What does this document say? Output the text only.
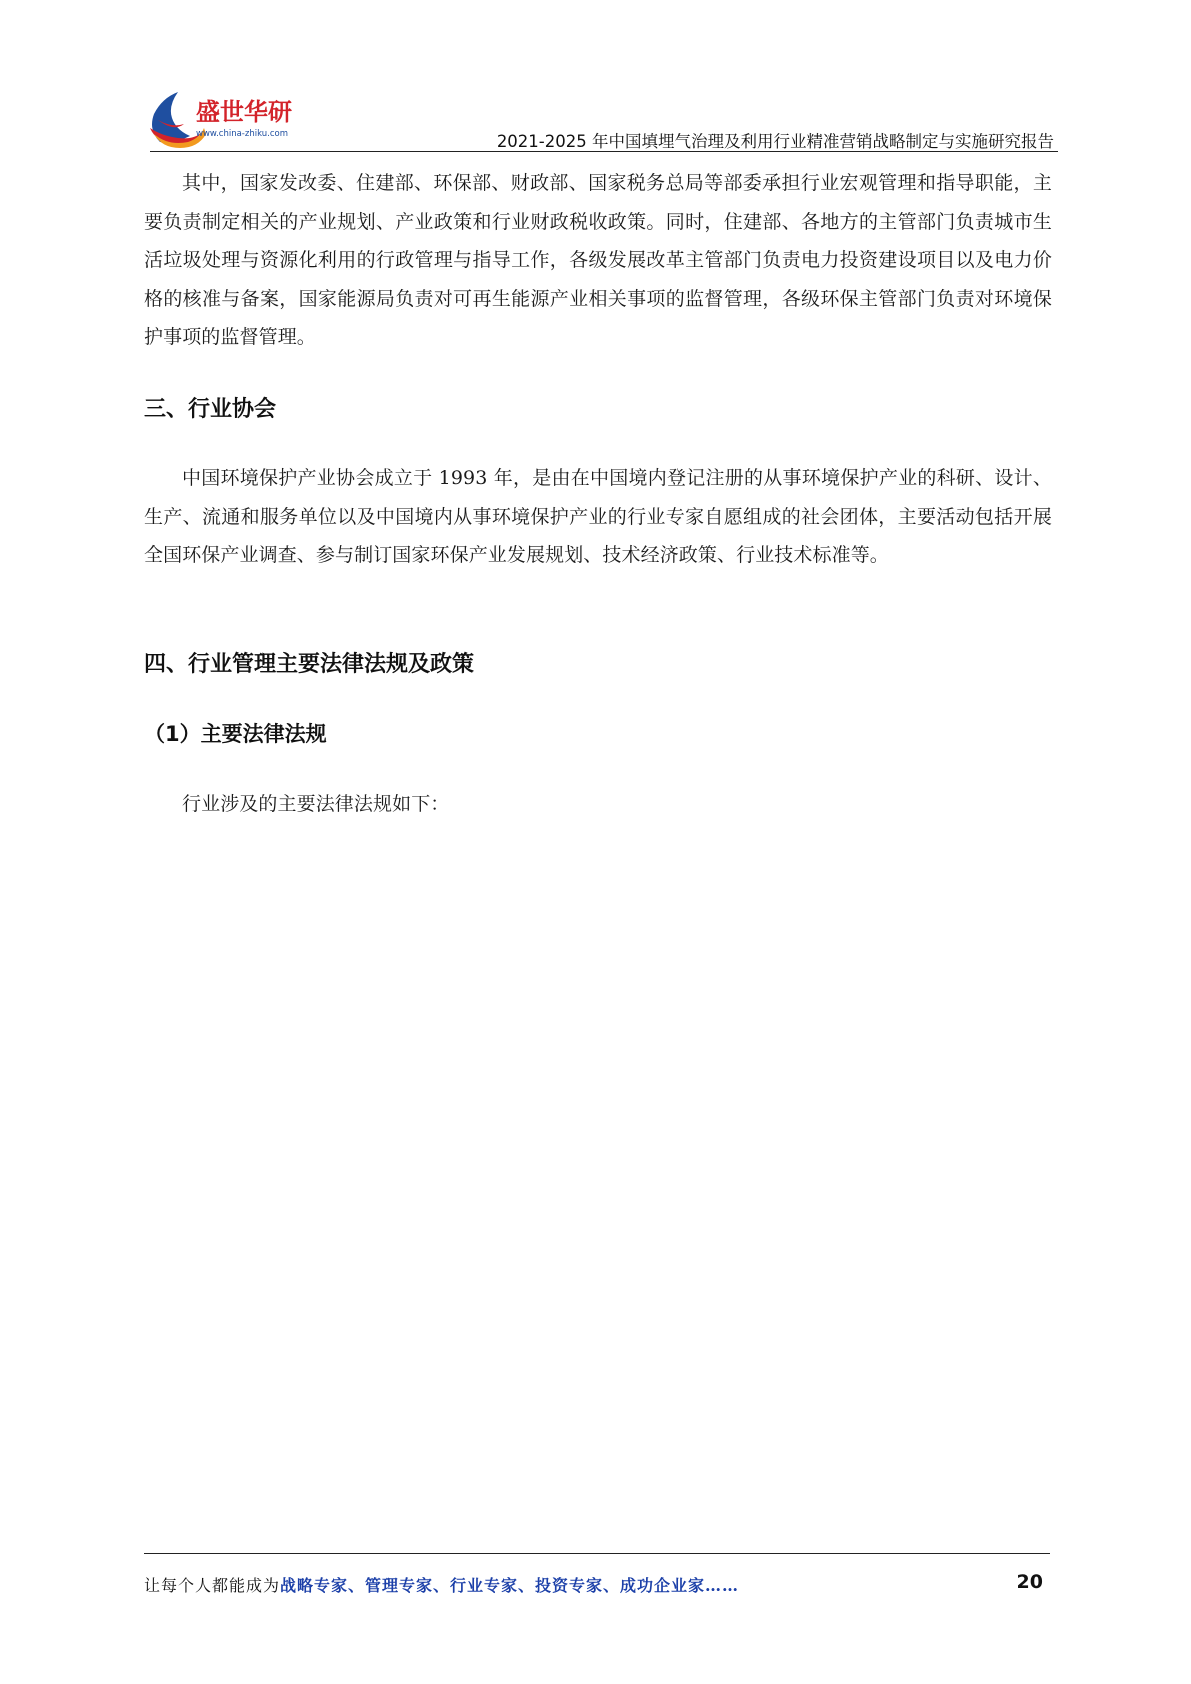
盛世华研
www.china-zhiku.com	2021-2025 年中国填埋气治理及利用行业精准营销战略制定与实施研究报告

其中，国家发改委、住建部、环保部、财政部、国家税务总局等部委承担行业宏观管理和指导职能，主要负责制定相关的产业规划、产业政策和行业财政税收政策。同时，住建部、各地方的主管部门负责城市生活垃圾处理与资源化利用的行政管理与指导工作，各级发展改革主管部门负责电力投资建设项目以及电力价格的核准与备案，国家能源局负责对可再生能源产业相关事项的监督管理，各级环保主管部门负责对环境保护事项的监督管理。

三、行业协会

中国环境保护产业协会成立于 1993 年，是由在中国境内登记注册的从事环境保护产业的科研、设计、生产、流通和服务单位以及中国境内从事环境保护产业的行业专家自愿组成的社会团体，主要活动包括开展全国环保产业调查、参与制订国家环保产业发展规划、技术经济政策、行业技术标准等。

四、行业管理主要法律法规及政策
（1）主要法律法规

行业涉及的主要法律法规如下：

让每个人都能成为战略专家、管理专家、行业专家、投资专家、成功企业家……	20
